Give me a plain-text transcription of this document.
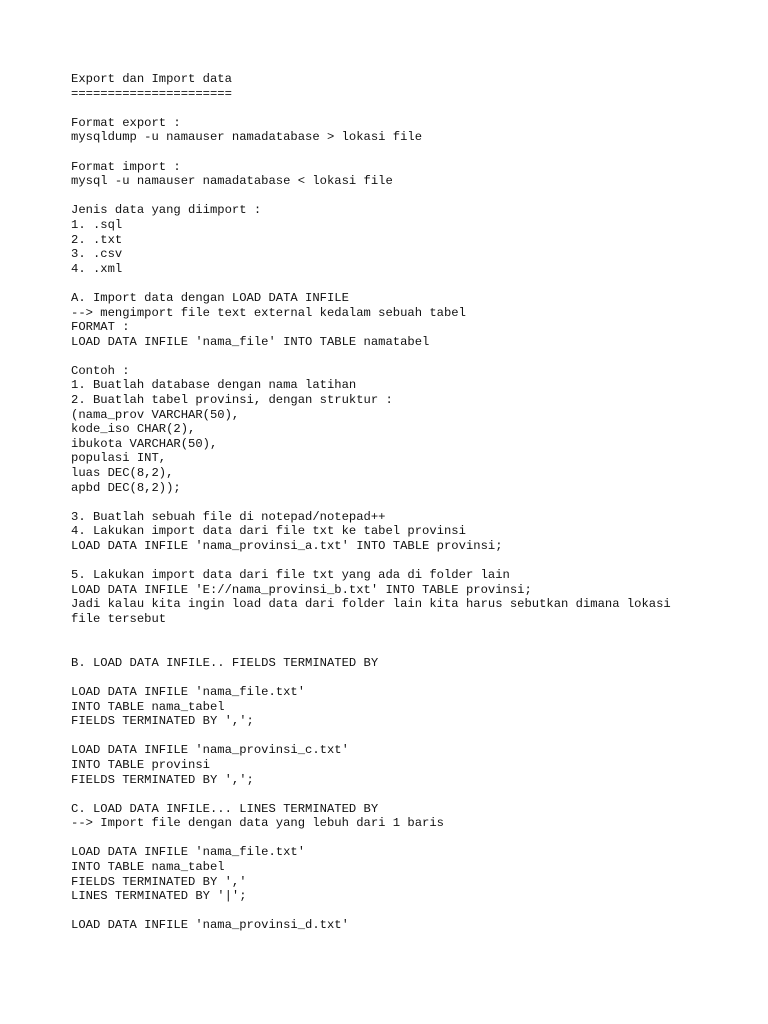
Export dan Import data
======================
Format export :
mysqldump -u namauser namadatabase > lokasi file
Format import :
mysql -u namauser namadatabase < lokasi file
Jenis data yang diimport :
1. .sql
2. .txt
3. .csv
4. .xml
A. Import data dengan LOAD DATA INFILE
--> mengimport file text external kedalam sebuah tabel
FORMAT :
LOAD DATA INFILE 'nama_file' INTO TABLE namatabel
Contoh :
1. Buatlah database dengan nama latihan
2. Buatlah tabel provinsi, dengan struktur :
(nama_prov VARCHAR(50),
kode_iso CHAR(2),
ibukota VARCHAR(50),
populasi INT,
luas DEC(8,2),
apbd DEC(8,2));
3. Buatlah sebuah file di notepad/notepad++
4. Lakukan import data dari file txt ke tabel provinsi
LOAD DATA INFILE 'nama_provinsi_a.txt' INTO TABLE provinsi;
5. Lakukan import data dari file txt yang ada di folder lain
LOAD DATA INFILE 'E://nama_provinsi_b.txt' INTO TABLE provinsi;
Jadi kalau kita ingin load data dari folder lain kita harus sebutkan dimana lokasi
file tersebut
B. LOAD DATA INFILE.. FIELDS TERMINATED BY
LOAD DATA INFILE 'nama_file.txt'
INTO TABLE nama_tabel
FIELDS TERMINATED BY ',';
LOAD DATA INFILE 'nama_provinsi_c.txt'
INTO TABLE provinsi
FIELDS TERMINATED BY ',';
C. LOAD DATA INFILE... LINES TERMINATED BY
--> Import file dengan data yang lebuh dari 1 baris
LOAD DATA INFILE 'nama_file.txt'
INTO TABLE nama_tabel
FIELDS TERMINATED BY ','
LINES TERMINATED BY '|';
LOAD DATA INFILE 'nama_provinsi_d.txt'
